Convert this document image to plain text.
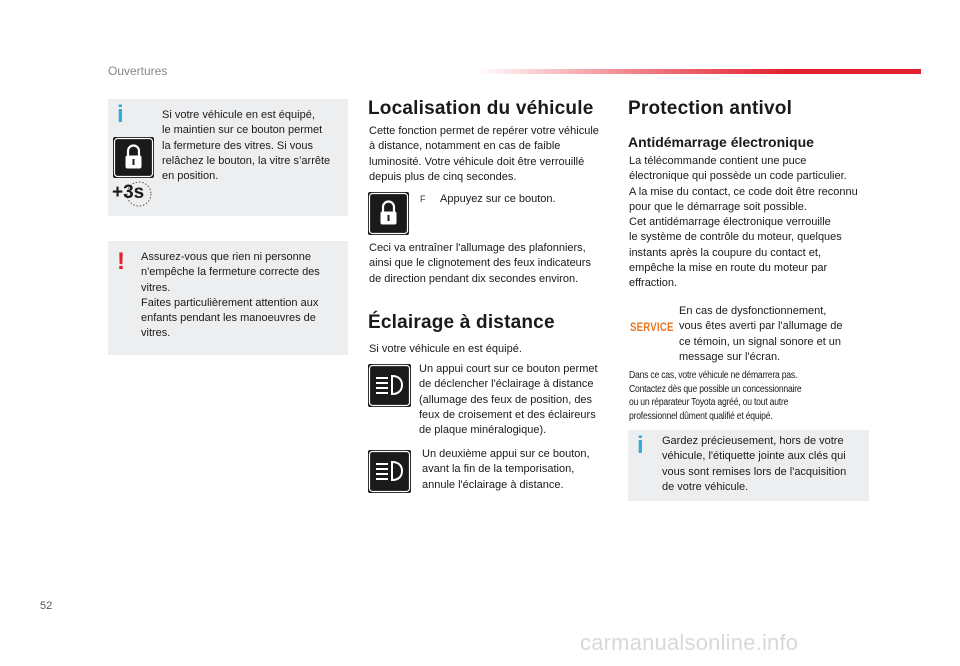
Ouvertures
i
+3s
Si votre véhicule en est équipé,
le maintien sur ce bouton permet
la fermeture des vitres. Si vous
relâchez le bouton, la vitre s’arrête
en position.
! Assurez-vous que rien ni personne
n'empêche la fermeture correcte des
vitres.
Faites particulièrement attention aux
enfants pendant les manoeuvres de
vitres.
Localisation du véhicule
Cette fonction permet de repérer votre véhicule
à distance, notamment en cas de faible
luminosité. Votre véhicule doit être verrouillé
depuis plus de cinq secondes.
F Appuyez sur ce bouton.
Ceci va entraîner l'allumage des plafonniers,
ainsi que le clignotement des feux indicateurs
de direction pendant dix secondes environ.
Éclairage à distance
Si votre véhicule en est équipé.
Un appui court sur ce bouton permet
de déclencher l'éclairage à distance
(allumage des feux de position, des
feux de croisement et des éclaireurs
de plaque minéralogique).
Un deuxième appui sur ce bouton,
avant la fin de la temporisation,
annule l'éclairage à distance.
Protection antivol
Antidémarrage électronique
La télécommande contient une puce
électronique qui possède un code particulier.
A la mise du contact, ce code doit être reconnu
pour que le démarrage soit possible.
Cet antidémarrage électronique verrouille
le système de contrôle du moteur, quelques
instants après la coupure du contact et,
empêche la mise en route du moteur par
effraction.
SERVICE
En cas de dysfonctionnement,
vous êtes averti par l'allumage de
ce témoin, un signal sonore et un
message sur l'écran.
Dans ce cas, votre véhicule ne démarrera pas.
Contactez dès que possible un concessionnaire
ou un réparateur Toyota agréé, ou tout autre
professionnel dûment qualifié et équipé.
i Gardez précieusement, hors de votre
véhicule, l'étiquette jointe aux clés qui
vous sont remises lors de l'acquisition
de votre véhicule.
52
carmanualsonline.info
